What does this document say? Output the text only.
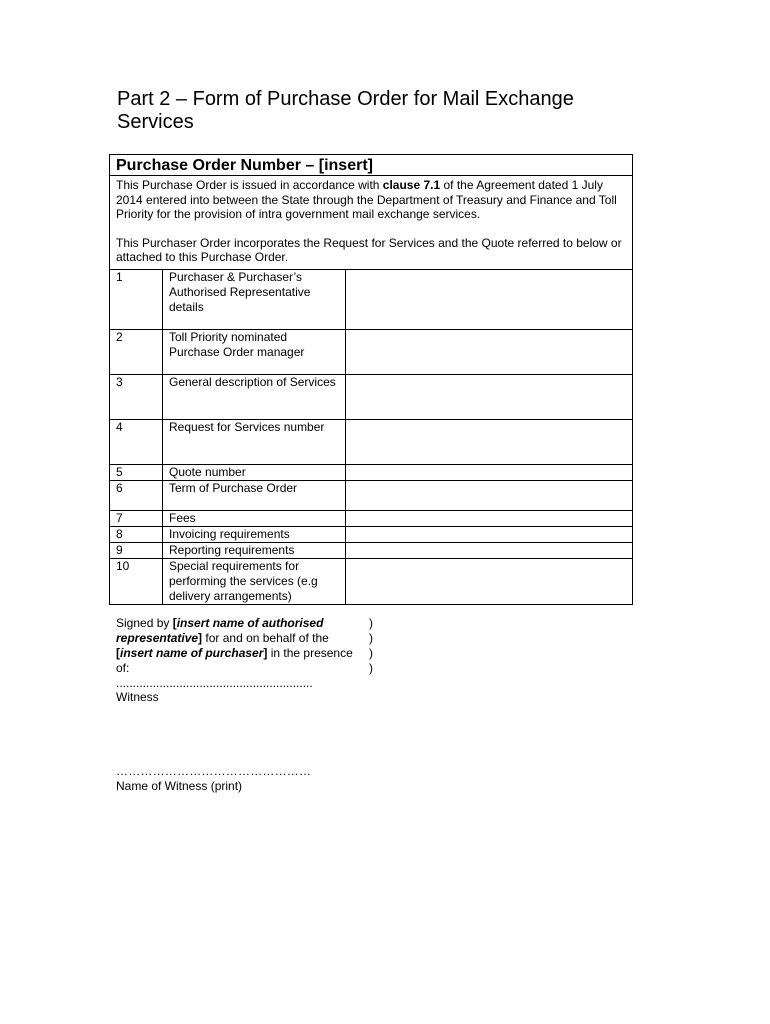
Part 2 – Form of Purchase Order for Mail Exchange Services
Purchase Order Number – [insert]

This Purchase Order is issued in accordance with clause 7.1 of the Agreement dated 1 July 2014 entered into between the State through the Department of Treasury and Finance and Toll Priority for the provision of intra government mail exchange services.

This Purchaser Order incorporates the Request for Services and the Quote referred to below or attached to this Purchase Order.

1	Purchaser & Purchaser’s Authorised Representative details	
2	Toll Priority nominated Purchase Order manager	
3	General description of Services	
4	Request for Services number	
5	Quote number	
6	Term of Purchase Order	
7	Fees	
8	Invoicing requirements	
9	Reporting requirements	
10	Special requirements for performing the services (e.g delivery arrangements)	
Signed by [insert name of authorised representative] for and on behalf of the [insert name of purchaser] in the presence of:
)
)
)
)
...........................................................
Witness
…………………………………………
Name of Witness (print)
